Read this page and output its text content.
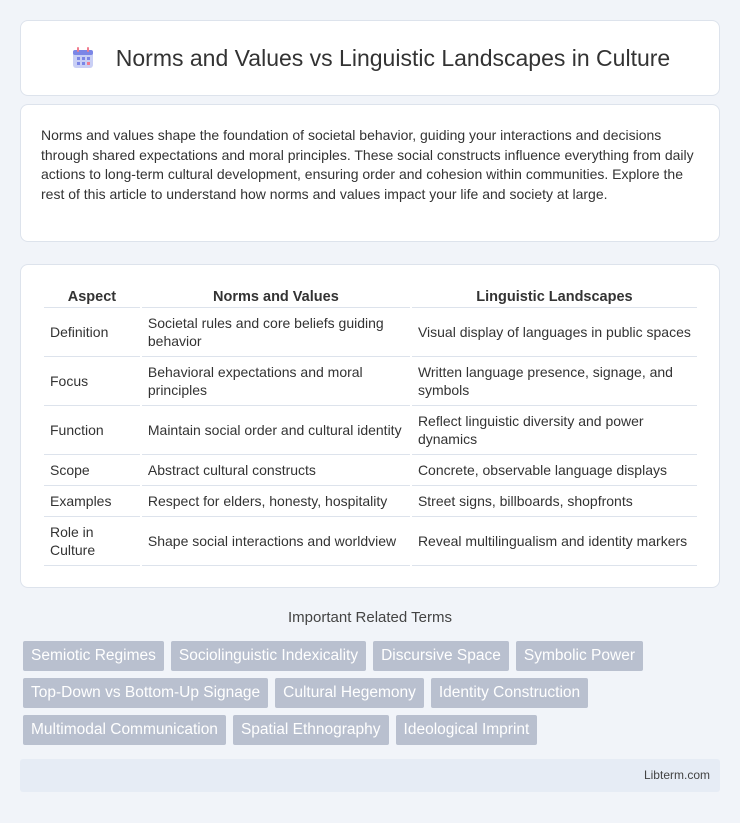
Norms and Values vs Linguistic Landscapes in Culture

Norms and values shape the foundation of societal behavior, guiding your interactions and decisions through shared expectations and moral principles. These social constructs influence everything from daily actions to long-term cultural development, ensuring order and cohesion within communities. Explore the rest of this article to understand how norms and values impact your life and society at large.

Aspect	Norms and Values	Linguistic Landscapes
Definition	Societal rules and core beliefs guiding behavior	Visual display of languages in public spaces
Focus	Behavioral expectations and moral principles	Written language presence, signage, and symbols
Function	Maintain social order and cultural identity	Reflect linguistic diversity and power dynamics
Scope	Abstract cultural constructs	Concrete, observable language displays
Examples	Respect for elders, honesty, hospitality	Street signs, billboards, shopfronts
Role in Culture	Shape social interactions and worldview	Reveal multilingualism and identity markers
Important Related Terms
Semiotic Regimes	Sociolinguistic Indexicality	Discursive Space	Symbolic Power
Top-Down vs Bottom-Up Signage	Cultural Hegemony	Identity Construction
Multimodal Communication	Spatial Ethnography	Ideological Imprint
Libterm.com
